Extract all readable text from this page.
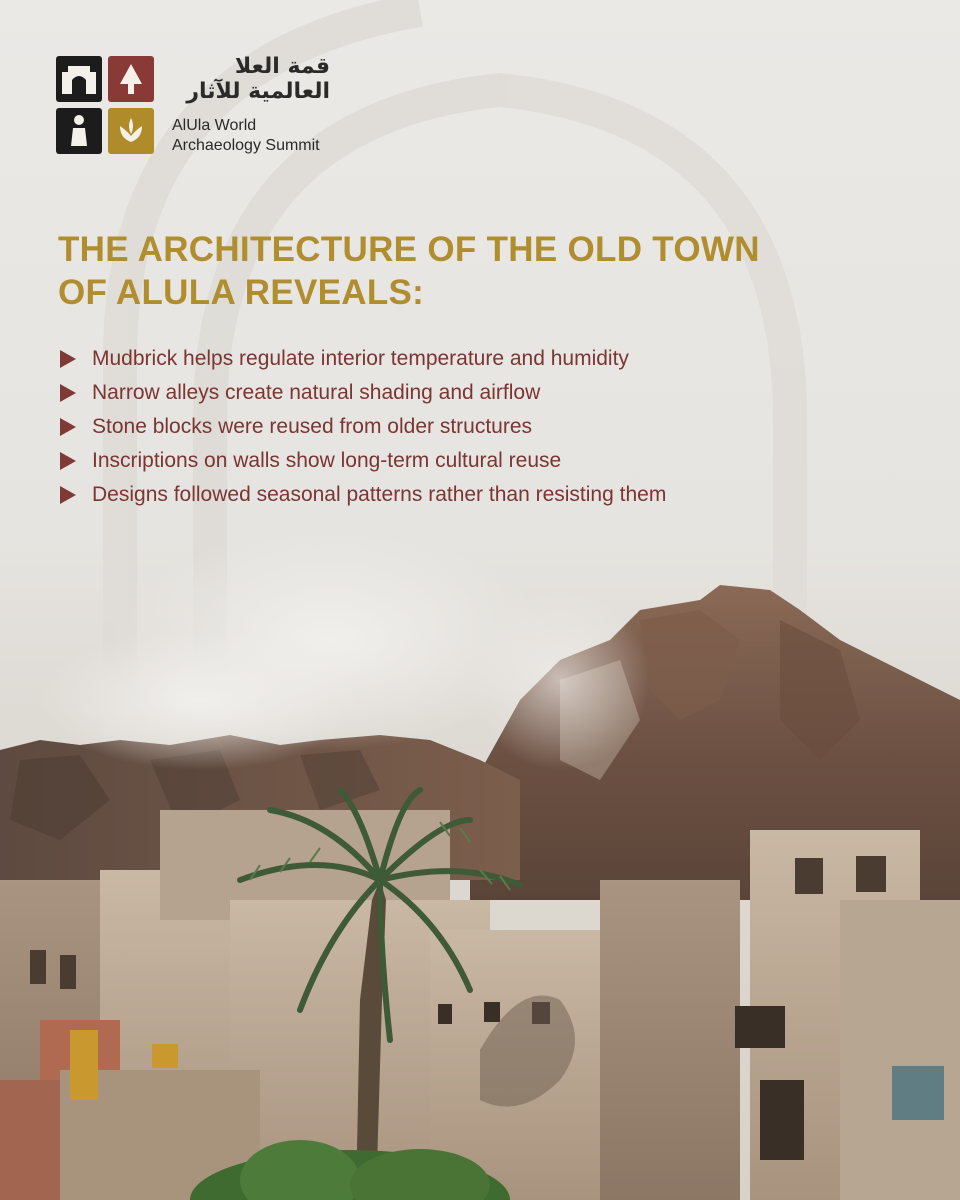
قمة العلا
العالمية للآثار
AlUla World
Archaeology Summit
THE ARCHITECTURE OF THE OLD TOWN
OF ALULA REVEALS:
Mudbrick helps regulate interior temperature and humidity
Narrow alleys create natural shading and airflow
Stone blocks were reused from older structures
Inscriptions on walls show long-term cultural reuse
Designs followed seasonal patterns rather than resisting them
